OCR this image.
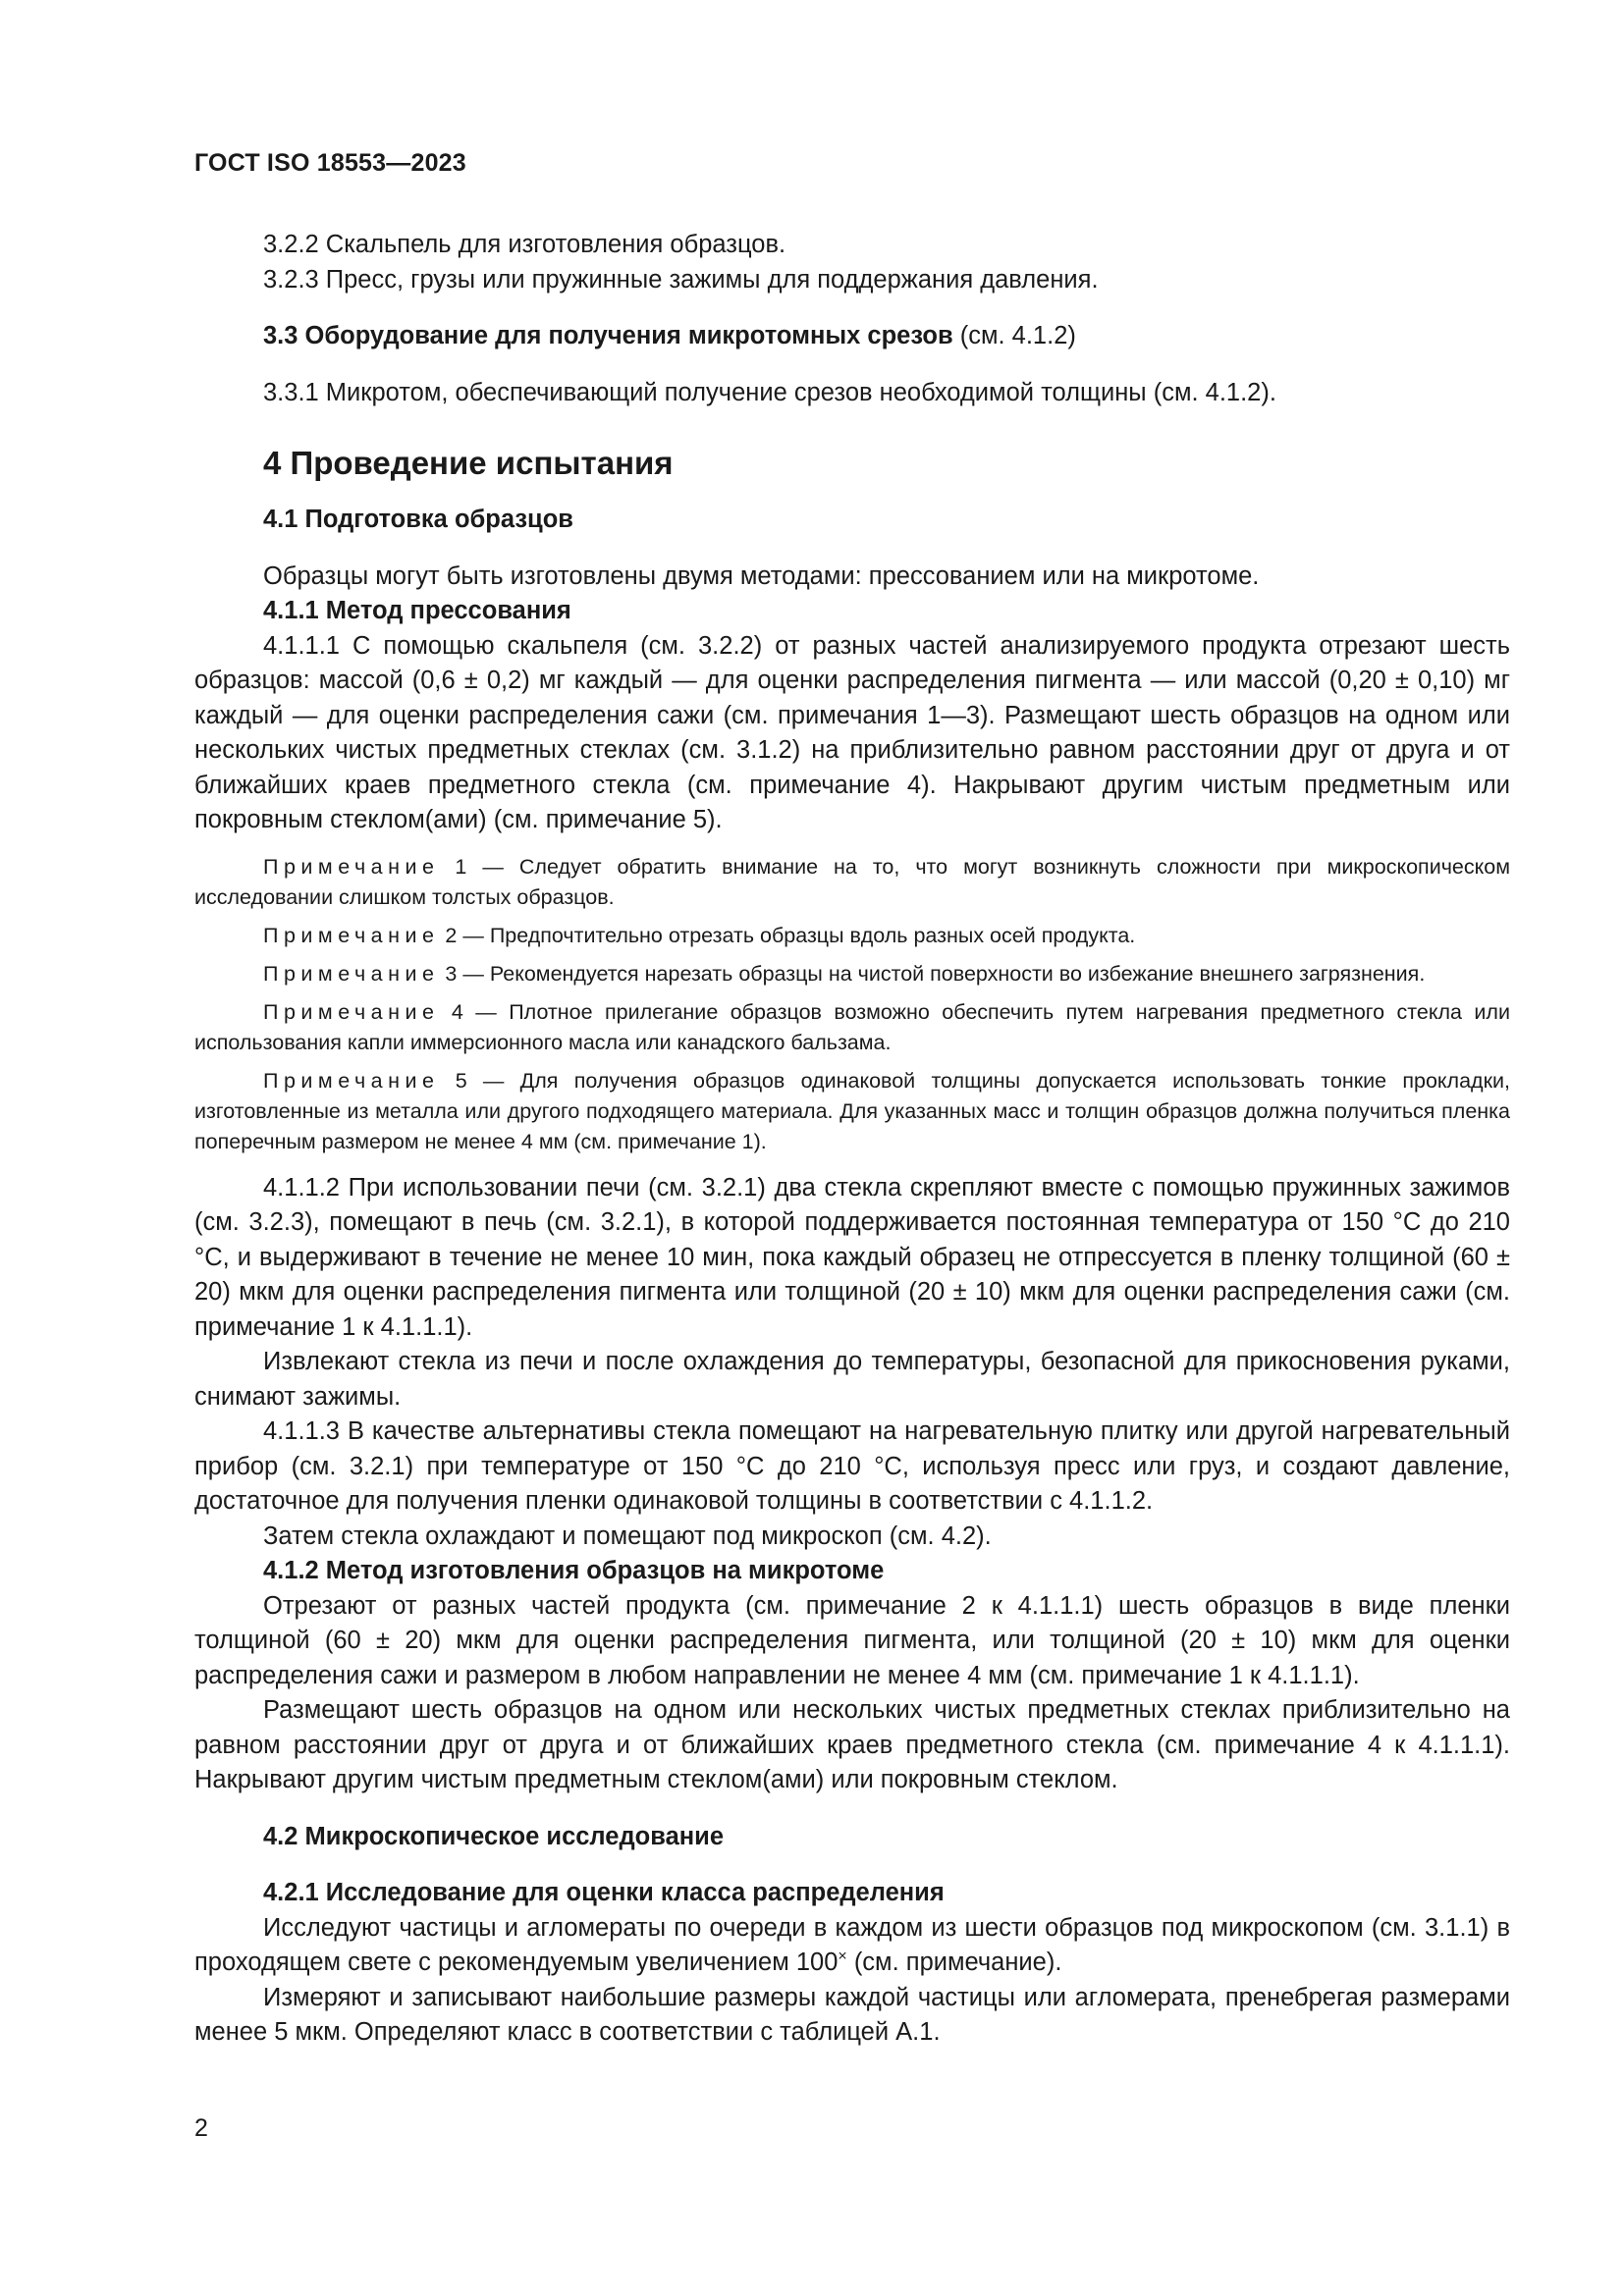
ГОСТ ISO 18553—2023

3.2.2 Скальпель для изготовления образцов.

3.2.3 Пресс, грузы или пружинные зажимы для поддержания давления.

3.3 Оборудование для получения микротомных срезов (см. 4.1.2)

3.3.1 Микротом, обеспечивающий получение срезов необходимой толщины (см. 4.1.2).

4 Проведение испытания

4.1 Подготовка образцов

Образцы могут быть изготовлены двумя методами: прессованием или на микротоме.

4.1.1 Метод прессования

4.1.1.1 С помощью скальпеля (см. 3.2.2) от разных частей анализируемого продукта отрезают шесть образцов: массой (0,6 ± 0,2) мг каждый — для оценки распределения пигмента — или массой (0,20 ± 0,10) мг каждый — для оценки распределения сажи (см. примечания 1—3). Размещают шесть образцов на одном или нескольких чистых предметных стеклах (см. 3.1.2) на приблизительно равном расстоянии друг от друга и от ближайших краев предметного стекла (см. примечание 4). Накрывают другим чистым предметным или покровным стеклом(ами) (см. примечание 5).

Примечание 1 — Следует обратить внимание на то, что могут возникнуть сложности при микроскопическом исследовании слишком толстых образцов.

Примечание 2 — Предпочтительно отрезать образцы вдоль разных осей продукта.

Примечание 3 — Рекомендуется нарезать образцы на чистой поверхности во избежание внешнего загрязнения.

Примечание 4 — Плотное прилегание образцов возможно обеспечить путем нагревания предметного стекла или использования капли иммерсионного масла или канадского бальзама.

Примечание 5 — Для получения образцов одинаковой толщины допускается использовать тонкие прокладки, изготовленные из металла или другого подходящего материала. Для указанных масс и толщин образцов должна получиться пленка поперечным размером не менее 4 мм (см. примечание 1).

4.1.1.2 При использовании печи (см. 3.2.1) два стекла скрепляют вместе с помощью пружинных зажимов (см. 3.2.3), помещают в печь (см. 3.2.1), в которой поддерживается постоянная температура от 150 °С до 210 °С, и выдерживают в течение не менее 10 мин, пока каждый образец не отпрессуется в пленку толщиной (60 ± 20) мкм для оценки распределения пигмента или толщиной (20 ± 10) мкм для оценки распределения сажи (см. примечание 1 к 4.1.1.1).

Извлекают стекла из печи и после охлаждения до температуры, безопасной для прикосновения руками, снимают зажимы.

4.1.1.3 В качестве альтернативы стекла помещают на нагревательную плитку или другой нагревательный прибор (см. 3.2.1) при температуре от 150 °С до 210 °С, используя пресс или груз, и создают давление, достаточное для получения пленки одинаковой толщины в соответствии с 4.1.1.2.

Затем стекла охлаждают и помещают под микроскоп (см. 4.2).

4.1.2 Метод изготовления образцов на микротоме

Отрезают от разных частей продукта (см. примечание 2 к 4.1.1.1) шесть образцов в виде пленки толщиной (60 ± 20) мкм для оценки распределения пигмента, или толщиной (20 ± 10) мкм для оценки распределения сажи и размером в любом направлении не менее 4 мм (см. примечание 1 к 4.1.1.1).

Размещают шесть образцов на одном или нескольких чистых предметных стеклах приблизительно на равном расстоянии друг от друга и от ближайших краев предметного стекла (см. примечание 4 к 4.1.1.1). Накрывают другим чистым предметным стеклом(ами) или покровным стеклом.

4.2 Микроскопическое исследование

4.2.1 Исследование для оценки класса распределения

Исследуют частицы и агломераты по очереди в каждом из шести образцов под микроскопом (см. 3.1.1) в проходящем свете с рекомендуемым увеличением 100× (см. примечание).

Измеряют и записывают наибольшие размеры каждой частицы или агломерата, пренебрегая размерами менее 5 мкм. Определяют класс в соответствии с таблицей А.1.

2
